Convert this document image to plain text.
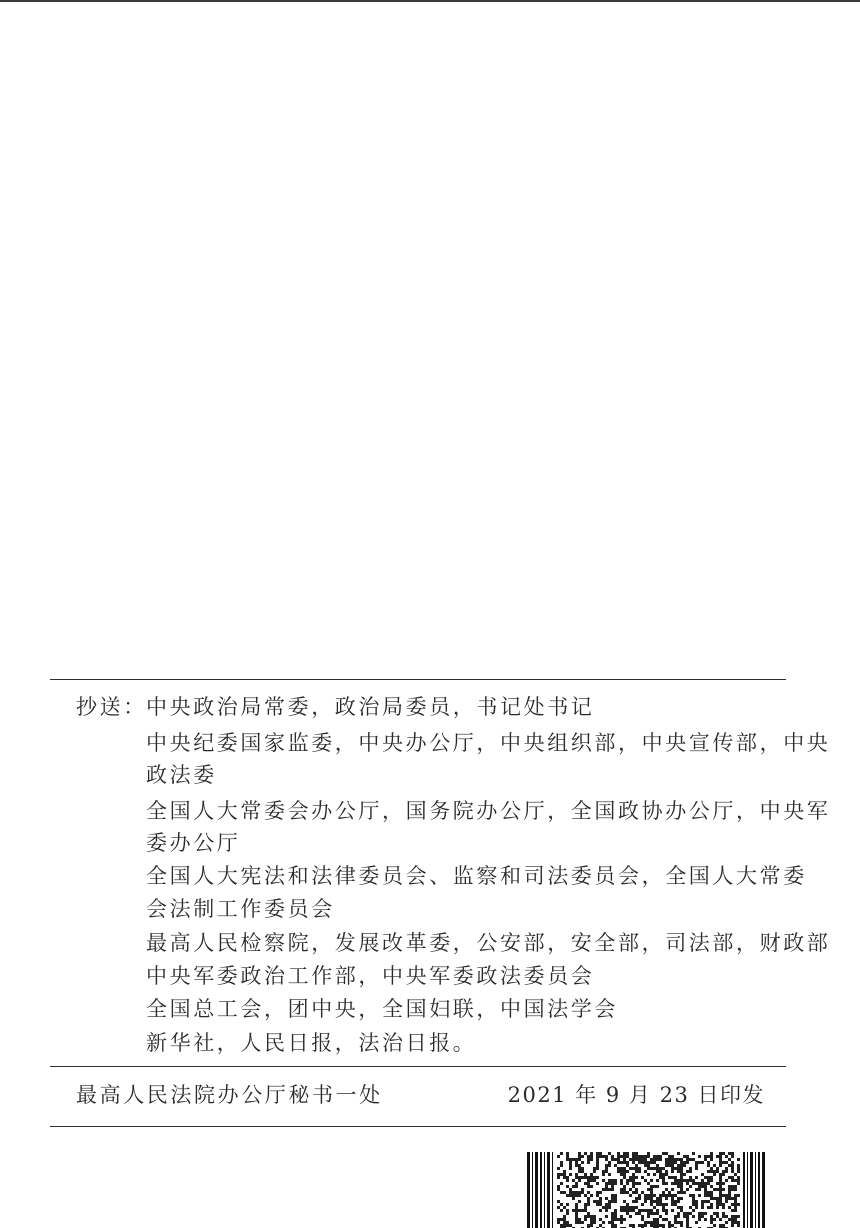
抄送： 中央政治局常委，政治局委员，书记处书记
中央纪委国家监委，中央办公厅，中央组织部，中央宣传部，中央
政法委
全国人大常委会办公厅，国务院办公厅，全国政协办公厅，中央军
委办公厅
全国人大宪法和法律委员会、监察和司法委员会，全国人大常委
会法制工作委员会
最高人民检察院，发展改革委，公安部，安全部，司法部，财政部
中央军委政治工作部，中央军委政法委员会
全国总工会，团中央，全国妇联，中国法学会
新华社，人民日报，法治日报。
最高人民法院办公厅秘书一处	2021 年 9 月 23 日印发
